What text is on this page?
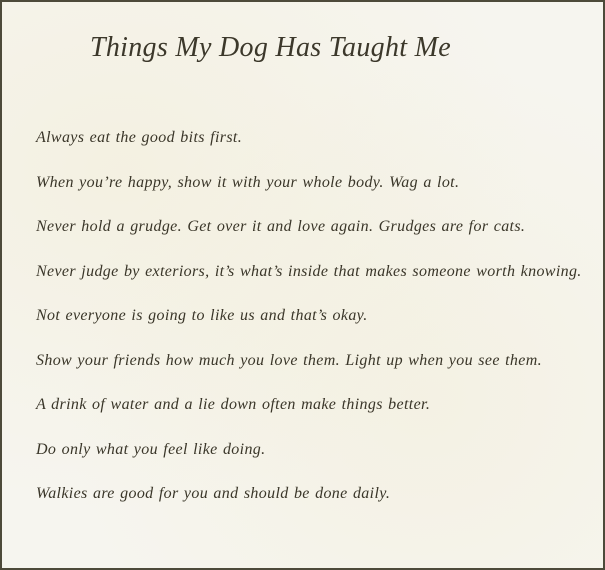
Things My Dog Has Taught Me
Always eat the good bits first.
When you’re happy, show it with your whole body. Wag a lot.
Never hold a grudge. Get over it and love again. Grudges are for cats.
Never judge by exteriors, it’s what’s inside that makes someone worth knowing.
Not everyone is going to like us and that’s okay.
Show your friends how much you love them. Light up when you see them.
A drink of water and a lie down often make things better.
Do only what you feel like doing.
Walkies are good for you and should be done daily.
